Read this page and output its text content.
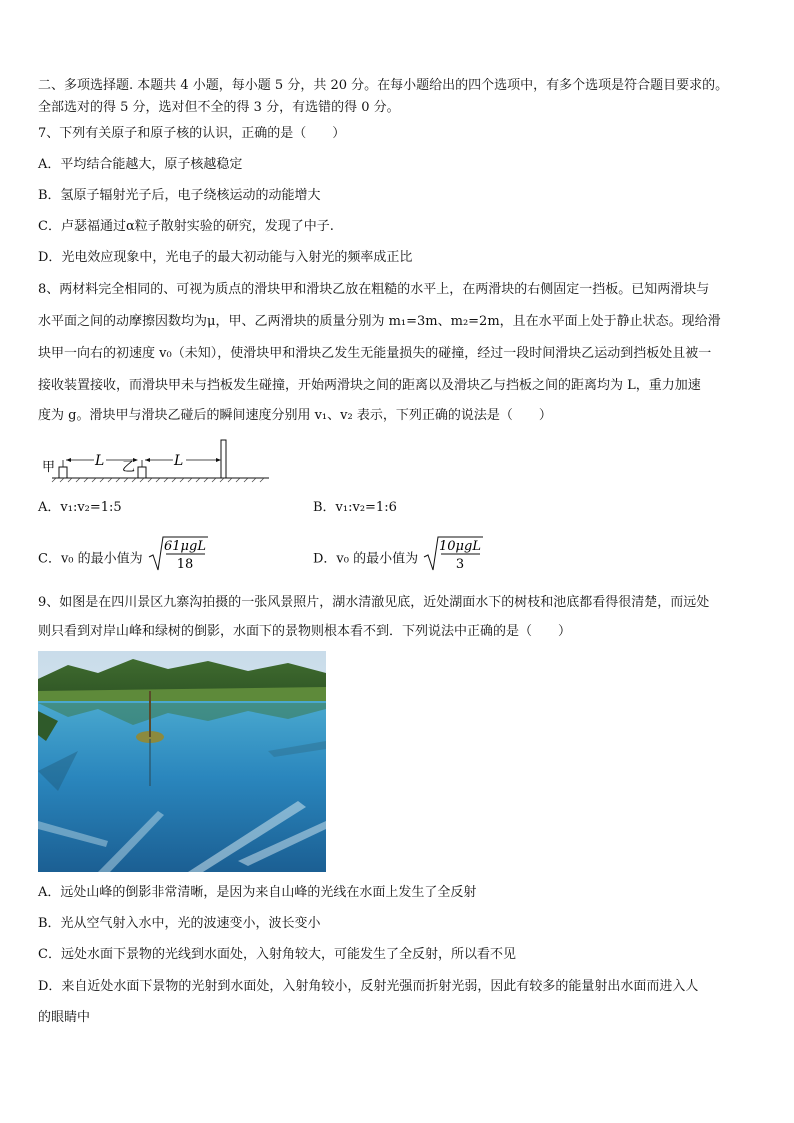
二、多项选择题. 本题共 4 小题，每小题 5 分，共 20 分。在每小题给出的四个选项中，有多个选项是符合题目要求的。
全部选对的得 5 分，选对但不全的得 3 分，有选错的得 0 分。
7、下列有关原子和原子核的认识，正确的是（　　）
A．平均结合能越大，原子核越稳定
B．氢原子辐射光子后，电子绕核运动的动能增大
C．卢瑟福通过α粒子散射实验的研究，发现了中子.
D．光电效应现象中，光电子的最大初动能与入射光的频率成正比
8、两材料完全相同的、可视为质点的滑块甲和滑块乙放在粗糙的水平上，在两滑块的右侧固定一挡板。已知两滑块与
水平面之间的动摩擦因数均为μ，甲、乙两滑块的质量分别为 m₁=3m、m₂=2m，且在水平面上处于静止状态。现给滑
块甲一向右的初速度 v₀（未知），使滑块甲和滑块乙发生无能量损失的碰撞，经过一段时间滑块乙运动到挡板处且被一
接收装置接收，而滑块甲未与挡板发生碰撞，开始两滑块之间的距离以及滑块乙与挡板之间的距离均为 L，重力加速
度为 g。滑块甲与滑块乙碰后的瞬间速度分别用 v₁、v₂ 表示，下列正确的说法是（　　）
甲	L 乙	L
A．v₁:v₂=1:5	B．v₁:v₂=1:6
C．v₀ 的最小值为
61μgL
18	D．v₀ 的最小值为
10μgL
3
9、如图是在四川景区九寨沟拍摄的一张风景照片，湖水清澈见底，近处湖面水下的树枝和池底都看得很清楚，而远处
则只看到对岸山峰和绿树的倒影，水面下的景物则根本看不到．下列说法中正确的是（　　）
A．远处山峰的倒影非常清晰，是因为来自山峰的光线在水面上发生了全反射
B．光从空气射入水中，光的波速变小，波长变小
C．远处水面下景物的光线到水面处，入射角较大，可能发生了全反射，所以看不见
D．来自近处水面下景物的光射到水面处，入射角较小，反射光强而折射光弱，因此有较多的能量射出水面而进入人
的眼睛中
